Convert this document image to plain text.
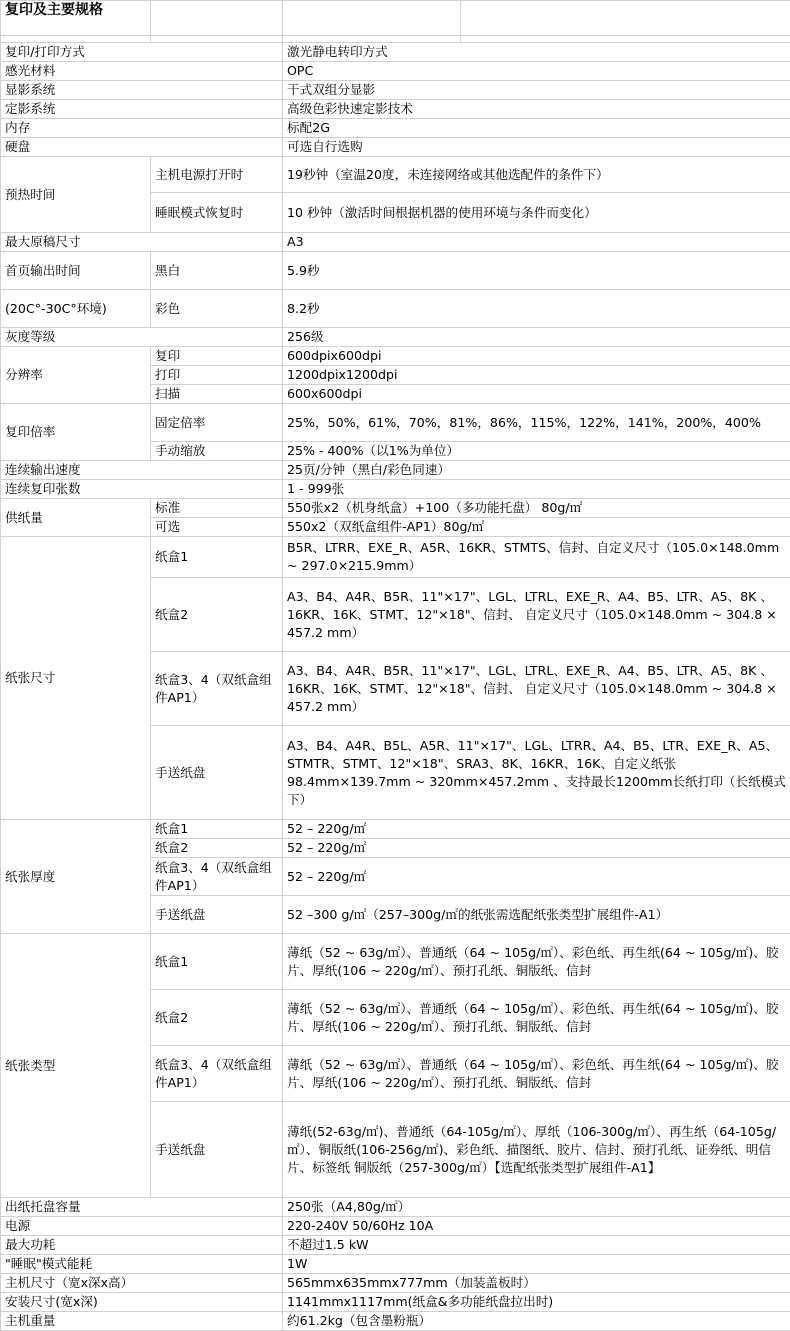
复印及主要规格			

复印/打印方式		激光静电转印方式	
感光材料		OPC	
显影系统		干式双组分显影	
定影系统		高级色彩快速定影技术	
内存		标配2G	
硬盘		可选自行选购	
预热时间	主机电源打开时	19秒钟（室温20度，未连接网络或其他选配件的条件下）	
	睡眠模式恢复时	10 秒钟（激活时间根据机器的使用环境与条件而变化）	
最大原稿尺寸		A3	
首页输出时间	黑白	5.9秒	
(20C°-30C°环境)	彩色	8.2秒	
灰度等级		256级	
分辨率	复印	600dpix600dpi	
	打印	1200dpix1200dpi	
	扫描	600x600dpi	
复印倍率	固定倍率	25%，50%，61%，70%，81%，86%，115%，122%，141%，200%，400%	
	手动缩放	25% - 400%（以1%为单位）	
连续输出速度		25页/分钟（黑白/彩色同速）	
连续复印张数		1 - 999张	
供纸量	标准	550张x2（机身纸盒）+100（多功能托盘） 80g/㎡	
	可选	550x2（双纸盒组件-AP1）80g/㎡	
纸张尺寸	纸盒1	B5R、LTRR、EXE_R、A5R、16KR、STMTS、信封、自定义尺寸（105.0×148.0mm ~ 297.0×215.9mm）	
	纸盒2	A3、B4、A4R、B5R、11"×17"、LGL、LTRL、EXE_R、A4、B5、LTR、A5、8K 、16KR、16K、STMT、12"×18"、信封、 自定义尺寸（105.0×148.0mm ~ 304.8 × 457.2 mm）	
	纸盒3、4（双纸盒组件AP1）	A3、B4、A4R、B5R、11"×17"、LGL、LTRL、EXE_R、A4、B5、LTR、A5、8K 、16KR、16K、STMT、12"×18"、信封、 自定义尺寸（105.0×148.0mm ~ 304.8 × 457.2 mm）	
	手送纸盘	A3、B4、A4R、B5L、A5R、11"×17"、LGL、LTRR、A4、B5、LTR、EXE_R、A5、STMTR、STMT、12"×18"、SRA3、8K、16KR、16K、自定义纸张98.4mm×139.7mm ~ 320mm×457.2mm 、支持最长1200mm长纸打印（长纸模式下）	
纸张厚度	纸盒1	52 – 220g/㎡	
	纸盒2	52 – 220g/㎡	
	纸盒3、4（双纸盒组件AP1）	52 – 220g/㎡	
	手送纸盘	52 –300 g/㎡（257–300g/㎡的纸张需选配纸张类型扩展组件-A1）	
纸张类型	纸盒1	薄纸（52 ~ 63g/㎡）、普通纸（64 ~ 105g/㎡）、彩色纸、再生纸(64 ~ 105g/㎡)、胶片、厚纸(106 ~ 220g/㎡）、预打孔纸、铜版纸、信封	
	纸盒2	薄纸（52 ~ 63g/㎡）、普通纸（64 ~ 105g/㎡）、彩色纸、再生纸(64 ~ 105g/㎡)、胶片、厚纸(106 ~ 220g/㎡）、预打孔纸、铜版纸、信封	
	纸盒3、4（双纸盒组件AP1）	薄纸（52 ~ 63g/㎡）、普通纸（64 ~ 105g/㎡）、彩色纸、再生纸(64 ~ 105g/㎡)、胶片、厚纸(106 ~ 220g/㎡）、预打孔纸、铜版纸、信封	
	手送纸盘	薄纸(52-63g/㎡)、普通纸（64-105g/㎡）、厚纸（106-300g/㎡）、再生纸（64-105g/㎡）、铜版纸(106-256g/㎡)、彩色纸、描图纸、胶片、信封、预打孔纸、证券纸、明信片、标签纸 铜版纸（257-300g/㎡）【选配纸张类型扩展组件-A1】	
出纸托盘容量		250张（A4,80g/㎡）	
电源		220-240V 50/60Hz 10A	
最大功耗		不超过1.5 kW	
"睡眠"模式能耗		1W	
主机尺寸（宽x深x高）		565mmx635mmx777mm（加装盖板时）	
安装尺寸(宽x深)		1141mmx1117mm(纸盒&多功能纸盘拉出时)	
主机重量		约61.2kg（包含墨粉瓶）	
